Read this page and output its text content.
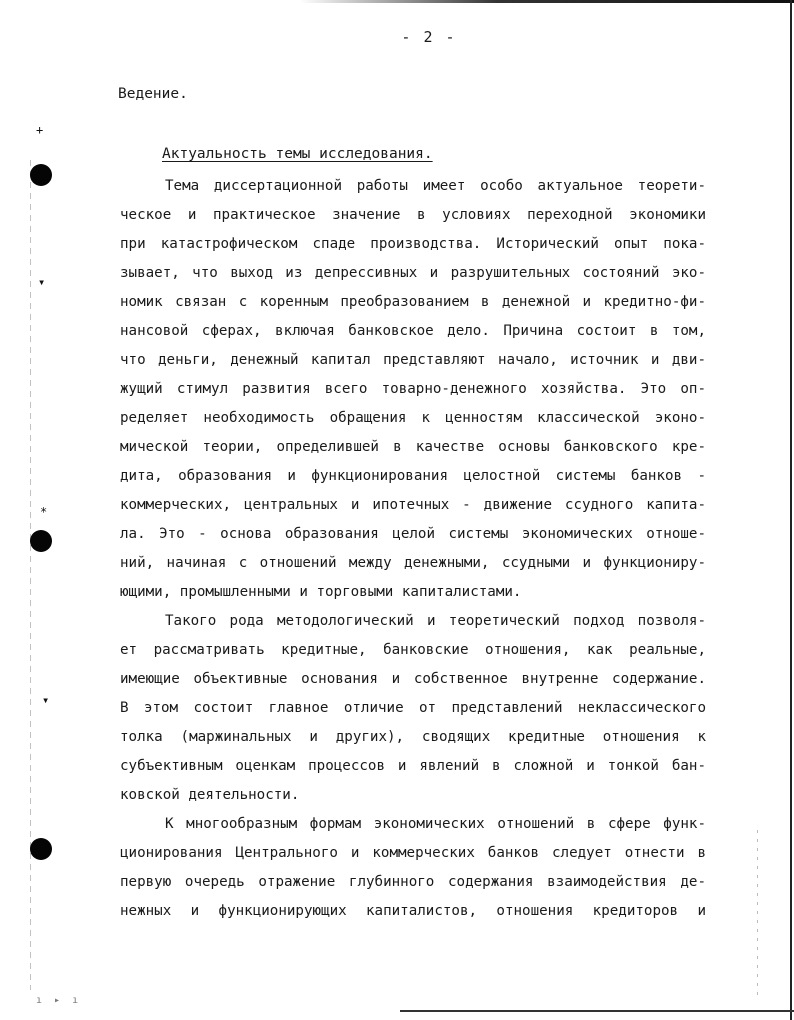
+
▾
*
▾
- 2 -
Ведение.
Актуальность темы исследования.
Тема диссертационной работы имеет особо актуальное теорети-
ческое и практическое значение в условиях переходной экономики
при катастрофическом спаде производства. Исторический опыт пока-
зывает, что выход из депрессивных и разрушительных состояний эко-
номик связан с коренным преобразованием в денежной и кредитно-фи-
нансовой сферах, включая банковское дело. Причина состоит в том,
что деньги, денежный капитал представляют начало, источник и дви-
жущий стимул развития всего товарно-денежного хозяйства. Это оп-
ределяет необходимость обращения к ценностям классической эконо-
мической теории, определившей в качестве основы банковского кре-
дита, образования и функционирования целостной системы банков -
коммерческих, центральных и ипотечных - движение ссудного капита-
ла. Это - основа образования целой системы экономических отноше-
ний, начиная с отношений между денежными, ссудными и функциониру-
ющими, промышленными и торговыми капиталистами.
Такого рода методологический и теоретический подход позволя-
ет рассматривать кредитные, банковские отношения, как реальные,
имеющие объективные основания и собственное внутренне содержание.
В этом состоит главное отличие от представлений неклассического
толка (маржинальных и других), сводящих кредитные отношения к
субъективным оценкам процессов и явлений в сложной и тонкой бан-
ковской деятельности.
К многообразным формам экономических отношений в сфере функ-
ционирования Центрального и коммерческих банков следует отнести в
первую очередь отражение глубинного содержания взаимодействия де-
нежных и функционирующих капиталистов, отношения кредиторов и
ı ▸ ı
